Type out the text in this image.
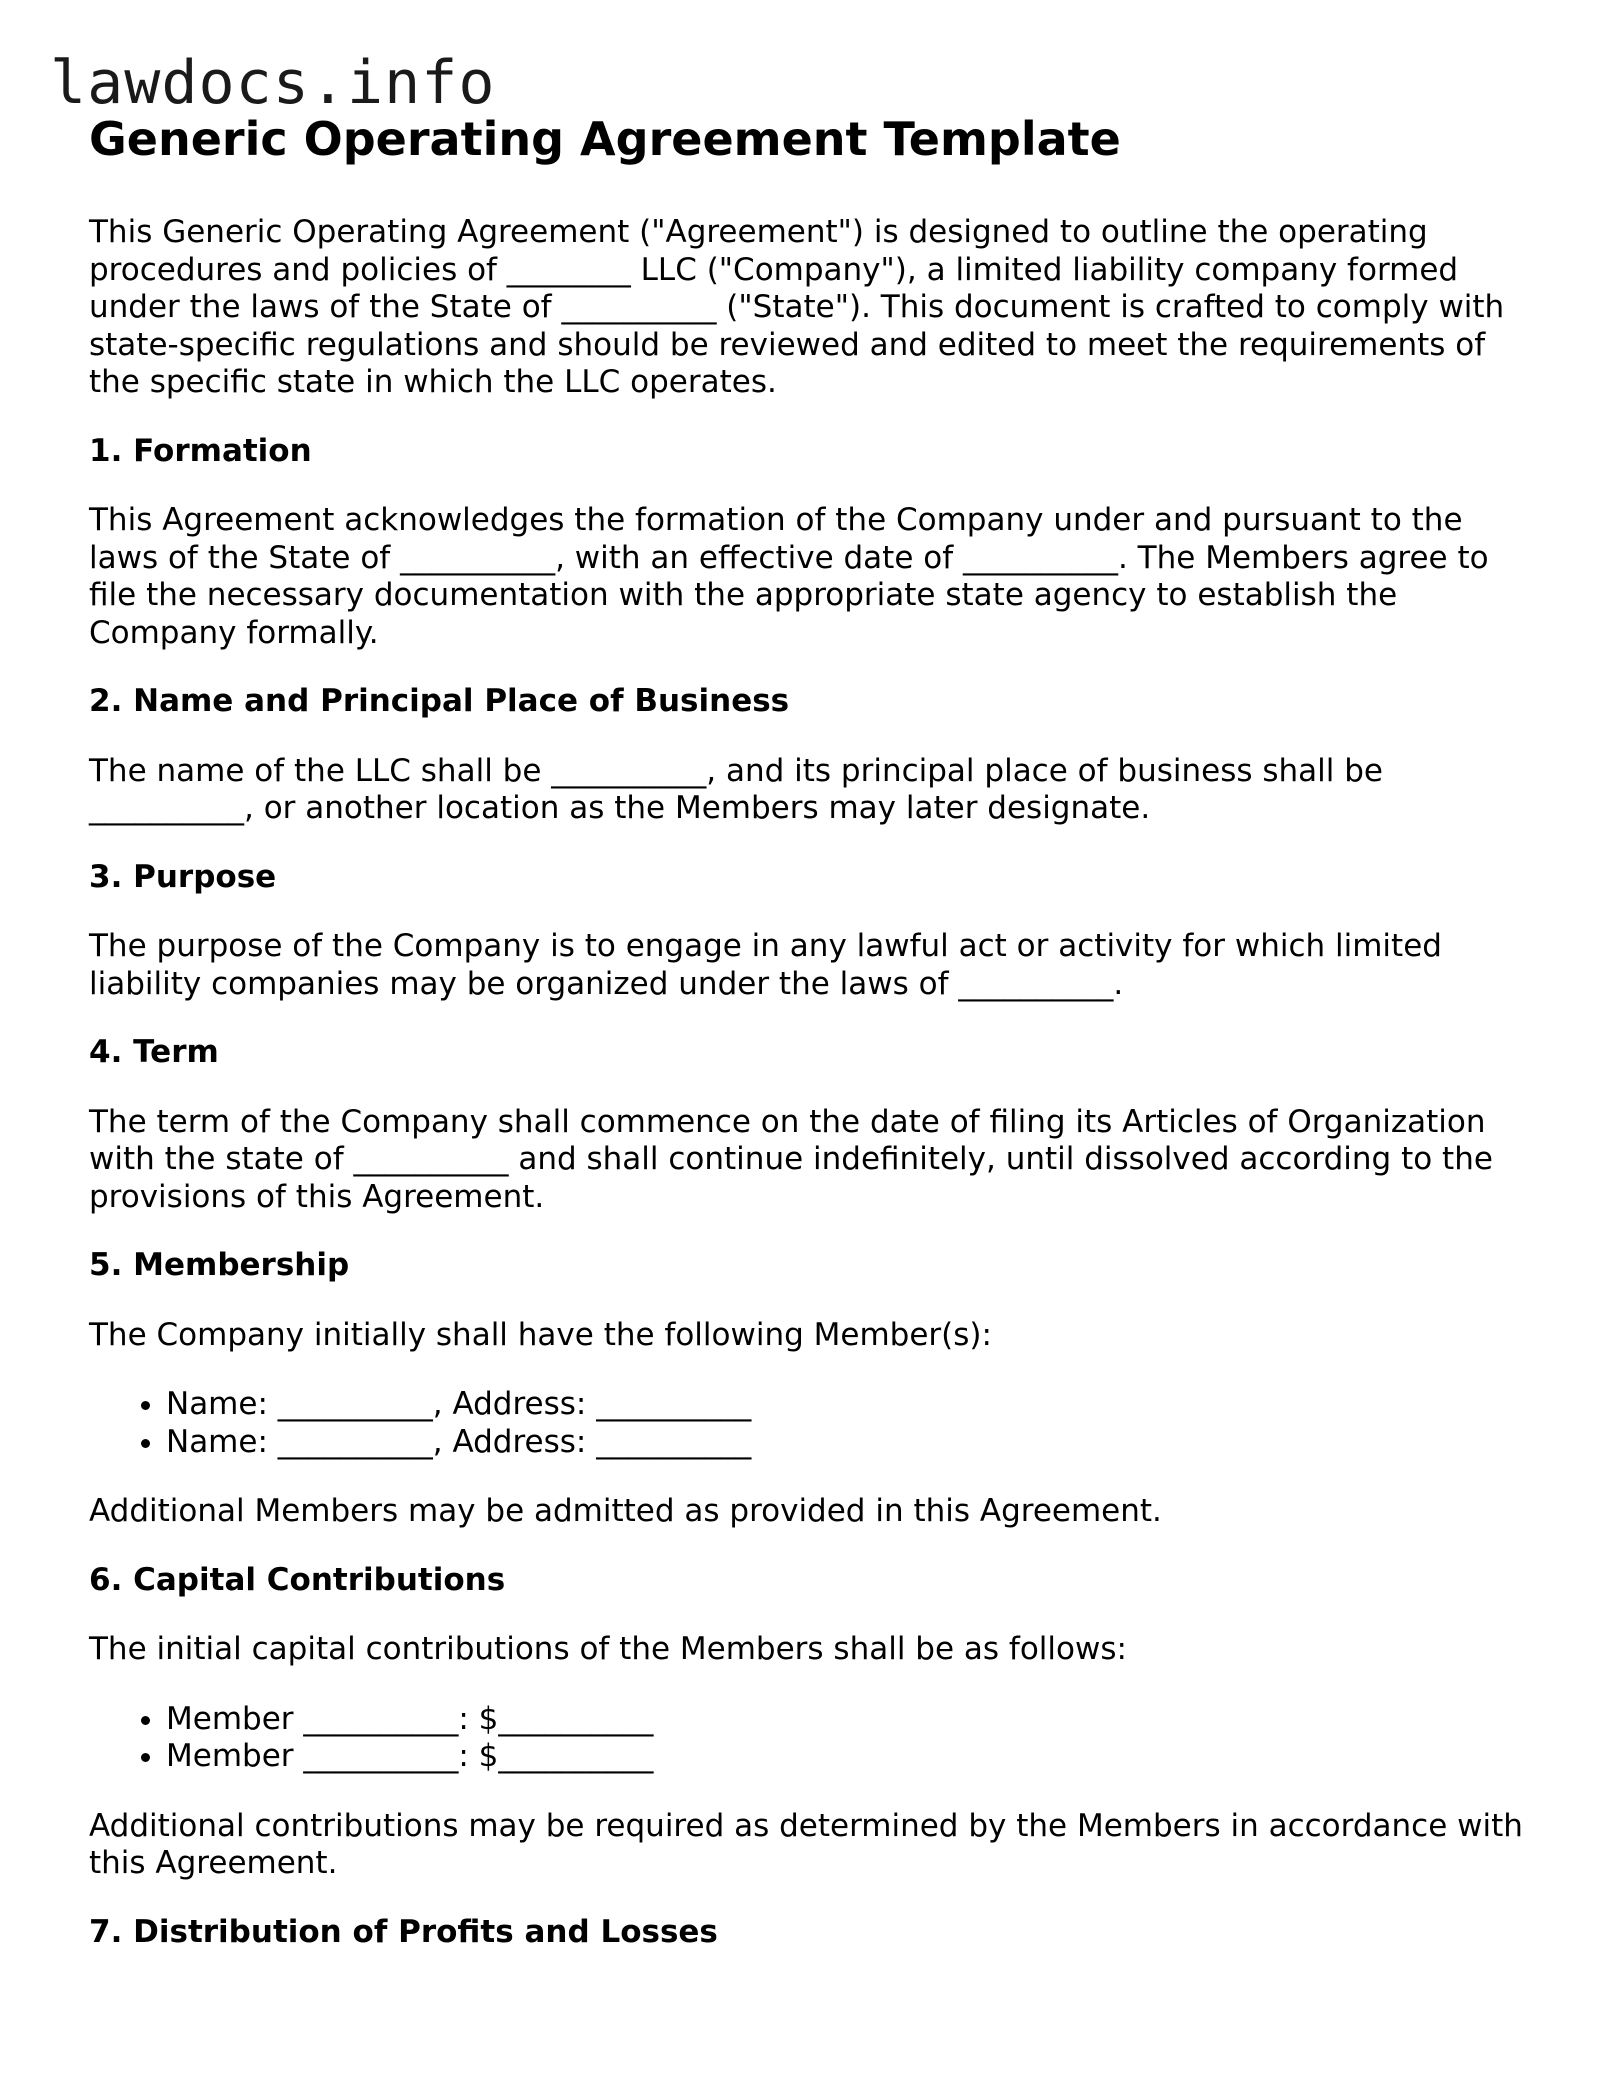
lawdocs.info
Generic Operating Agreement Template

This Generic Operating Agreement ("Agreement") is designed to outline the operating procedures and policies of ________ LLC ("Company"), a limited liability company formed under the laws of the State of __________ ("State"). This document is crafted to comply with state-specific regulations and should be reviewed and edited to meet the requirements of the specific state in which the LLC operates.

1. Formation

This Agreement acknowledges the formation of the Company under and pursuant to the laws of the State of __________, with an effective date of __________. The Members agree to file the necessary documentation with the appropriate state agency to establish the Company formally.

2. Name and Principal Place of Business

The name of the LLC shall be __________, and its principal place of business shall be __________, or another location as the Members may later designate.

3. Purpose

The purpose of the Company is to engage in any lawful act or activity for which limited liability companies may be organized under the laws of __________.

4. Term

The term of the Company shall commence on the date of filing its Articles of Organization with the state of __________ and shall continue indefinitely, until dissolved according to the provisions of this Agreement.

5. Membership

The Company initially shall have the following Member(s):

• Name: __________, Address: __________
• Name: __________, Address: __________

Additional Members may be admitted as provided in this Agreement.

6. Capital Contributions

The initial capital contributions of the Members shall be as follows:

• Member __________: $__________
• Member __________: $__________

Additional contributions may be required as determined by the Members in accordance with this Agreement.

7. Distribution of Profits and Losses
